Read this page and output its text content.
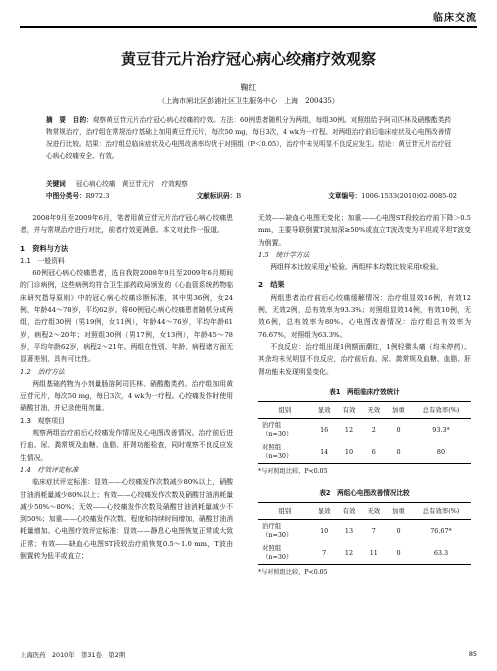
临床交流
黄豆苷元片治疗冠心病心绞痛疗效观察
鞠红
（上海市闸北区彭浦社区卫生服务中心　上海　200435）
摘　要　目的：观察黄豆苷元片治疗冠心病心绞痛的疗效。方法：60例患者随机分为两组，每组30例。对照组给予阿司匹林及硝酸酯类药物常规治疗，治疗组在常规治疗基础上加用黄豆苷元片，每次50 mg，每日3次，4 wk为一疗程。对两组治疗前后临床症状及心电图改善情况进行比较。结果：治疗组总临床症状及心电图改善率均优于对照组（P＜0.05），治疗中未见明显不良反应发生。结论：黄豆苷元片治疗冠心病心绞痛安全、有效。
关键词 冠心病心绞痛　黄豆苷元片　疗效观察
中图分类号：R972.3	文献标识码：B	文章编号：1006-1533(2010)02-0085-02

2008年9月至2009年6月，笔者用黄豆苷元片治疗冠心病心绞痛患者，并与常规治疗进行对比，前者疗效更满意。本文对此作一报道。

1　资料与方法
1.1　一般资料

60例冠心病心绞痛患者，选自我院2008年9月至2009年6月期间的门诊病例，这些病例均符合卫生部药政局颁发的《心血管系统药物临床研究指导原则》中的冠心病心绞痛诊断标准，其中男36例，女24例，年龄44～78岁，平均62岁。将60例冠心病心绞痛患者随机分成两组，治疗组30例（男19例，女11例），年龄44～76岁，平均年龄61岁，病程2～20年；对照组30例（男17例，女13例），年龄45～78岁，平均年龄62岁，病程2～21年。两组在性别、年龄、病程诸方面无显著差别，具有可比性。

1.2　治疗方法

两组基础药物为小剂量肠溶阿司匹林、硝酸酯类药。治疗组加用黄豆苷元片，每次50 mg，每日3次，4 wk为一疗程。心绞痛发作时使用硝酸甘油，并记录使用剂量。

1.3　观察项目

观察两组治疗前后心绞痛发作情况及心电图改善情况。治疗前后进行血、尿、粪常规及血糖、血脂、肝肾功能检查，同时观察不良反应发生情况。

1.4　疗效评定标准

临床症状评定标准：显效——心绞痛发作次数减少80%以上，硝酸甘油消耗量减少80%以上；有效——心绞痛发作次数及硝酸甘油消耗量减少50%～80%；无效——心绞痛发作次数及硝酸甘油消耗量减少不到50%；加重——心绞痛发作次数、程度和持续时间增加，硝酸甘油消耗量增加。心电图疗效评定标准：显效——静息心电图恢复正常或大致正常；有效——缺血心电图ST段较治疗前恢复0.5～1.0 mm，T波由倒置转为低平或直立；

无效——缺血心电图无变化；加重——心电图ST段较治疗前下降＞0.5 mm，主要导联倒置T波加深≥50%或直立T波改变为平坦或平坦T波变为倒置。

1.5　统计学方法

两组样本比较采用χ²检验。两组样本均数比较采用t检验。

2　结果

两组患者治疗前后心绞痛缓解情况：治疗组显效16例，有效12例，无效2例，总有效率为93.3%；对照组显效14例，有效10例，无效6例，总有效率为80%。心电图改善情况：治疗组总有效率为76.67%，对照组为63.3%。

不良反应：治疗组出现1例额面潮红，1例轻微头痛（均未停药）。其余均未见明显不良反应，治疗前后血、尿、粪常规及血糖、血脂、肝肾功能未发现明显变化。

表1　两组临床疗效统计
组别	显效	有效	无效	加重	总有效率(%)
治疗组
（n=30）	16	12	2	0	93.3*
对照组
（n=30）	14	10	6	0	80
*与对照组比较，P<0.05
表2　两组心电图改善情况比较
组别	显效	有效	无效	加重	总有效率(%)
治疗组
（n=30）	10	13	7	0	76.67*
对照组
（n=30）	7	12	11	0	63.3
*与对照组比较，P<0.05
上海医药　2010年　第31卷　第2期	85
